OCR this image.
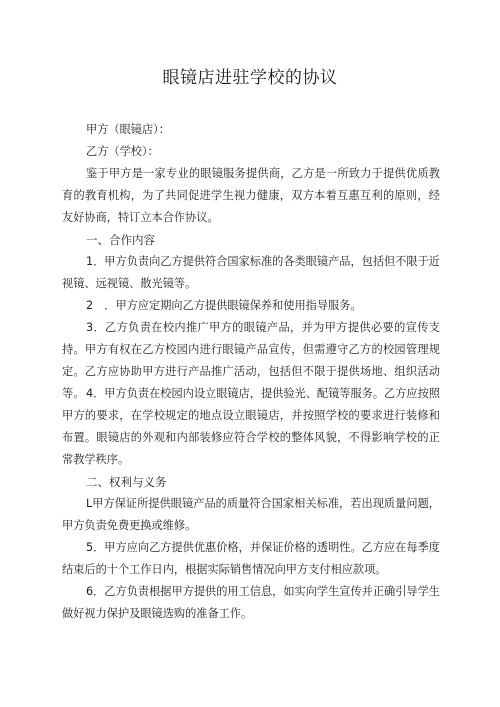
眼镜店进驻学校的协议
甲方（眼镜店）：
乙方（学校）：
鉴于甲方是一家专业的眼镜服务提供商，乙方是一所致力于提供优质教育的教育机构，为了共同促进学生视力健康，双方本着互惠互利的原则，经友好协商，特订立本合作协议。
一、合作内容
1．甲方负责向乙方提供符合国家标准的各类眼镜产品，包括但不限于近视镜、远视镜、散光镜等。
2　．甲方应定期向乙方提供眼镜保养和使用指导服务。
3．乙方负责在校内推广甲方的眼镜产品，并为甲方提供必要的宣传支持。甲方有权在乙方校园内进行眼镜产品宣传，但需遵守乙方的校园管理规定。乙方应协助甲方进行产品推广活动，包括但不限于提供场地、组织活动等。 4．甲方负责在校园内设立眼镜店，提供验光、配镜等服务。乙方应按照甲方的要求，在学校规定的地点设立眼镜店，并按照学校的要求进行装修和布置。眼镜店的外观和内部装修应符合学校的整体风貌，不得影响学校的正常教学秩序。
二、权利与义务
L甲方保证所提供眼镜产品的质量符合国家相关标准，若出现质量问题，甲方负责免费更换或维修。
5．甲方应向乙方提供优惠价格，并保证价格的透明性。乙方应在每季度结束后的十个工作日内，根据实际销售情况向甲方支付相应款项。
6．乙方负责根据甲方提供的用工信息，如实向学生宣传并正确引导学生做好视力保护及眼镜选购的准备工作。
